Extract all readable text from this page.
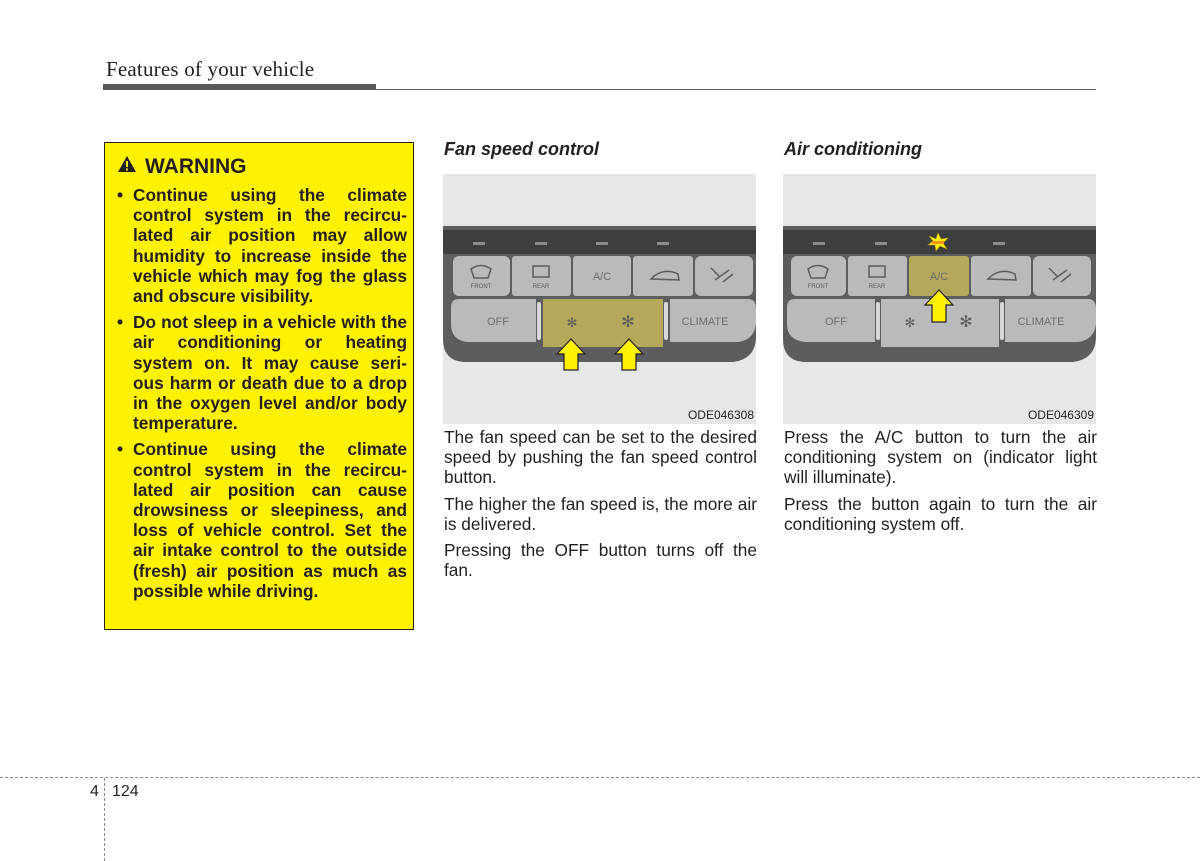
Features of your vehicle
WARNING
• Continue using the climate control system in the recircu- lated air position may allow humidity to increase inside the vehicle which may fog the glass and obscure visibility.
• Do not sleep in a vehicle with the air conditioning or heating system on. It may cause seri- ous harm or death due to a drop in the oxygen level and/or body temperature.
• Continue using the climate control system in the recircu- lated air position can cause drowsiness or sleepiness, and loss of vehicle control. Set the air intake control to the outside (fresh) air position as much as possible while driving.
Fan speed control
FRONT	REAR
A/C
OFF	✻	✻	CLIMATE
ODE046308

The fan speed can be set to the desired speed by pushing the fan speed control button.

The higher the fan speed is, the more air is delivered.

Pressing the OFF button turns off the fan.

Air conditioning
FRONT	REAR
A/C
OFF	✻	✻	CLIMATE
ODE046309

Press the A/C button to turn the air conditioning system on (indicator light will illuminate).

Press the button again to turn the air conditioning system off.

4 124
